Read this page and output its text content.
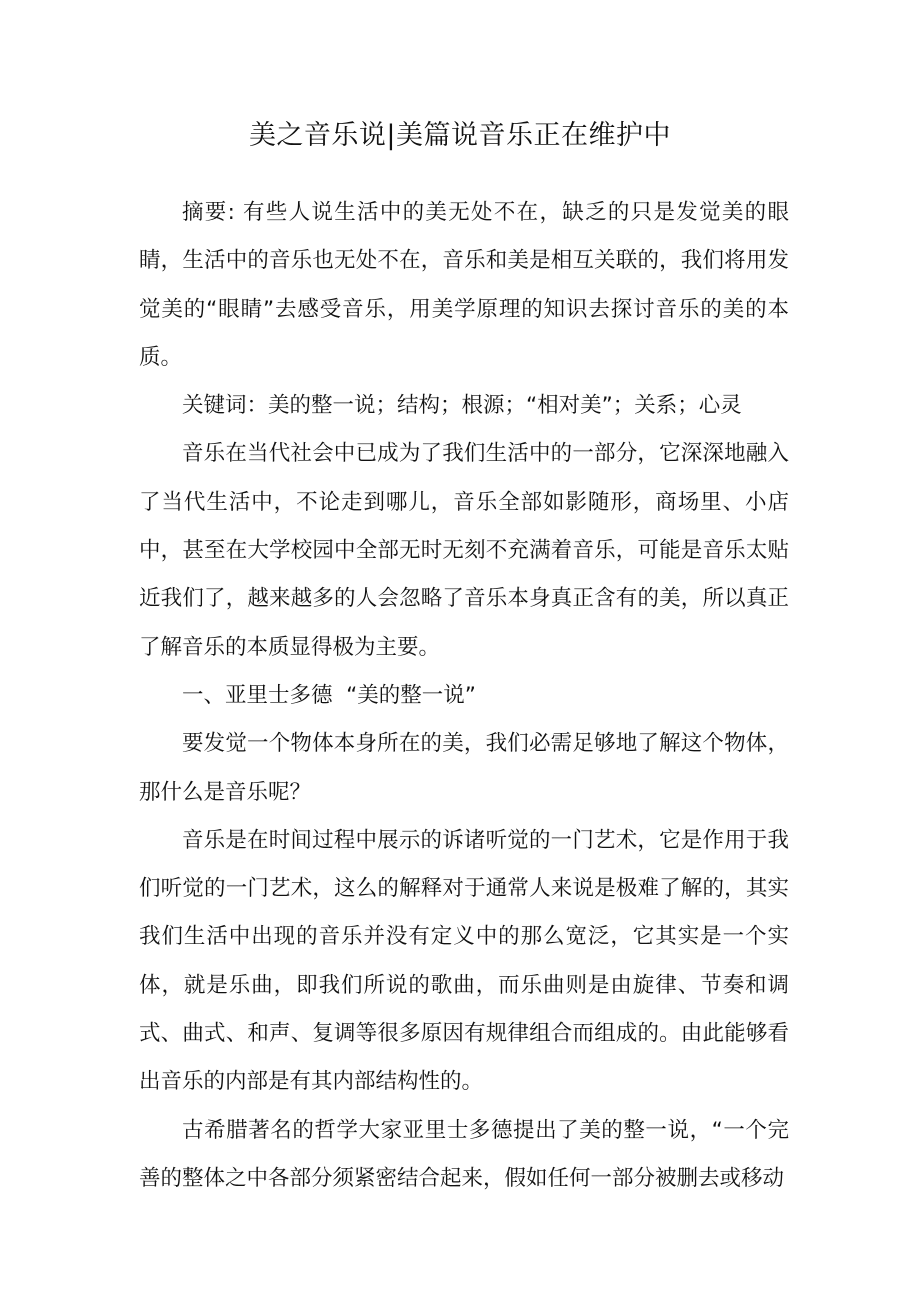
美之音乐说|美篇说音乐正在维护中

摘要: 有些人说生活中的美无处不在，缺乏的只是发觉美的眼睛，生活中的音乐也无处不在，音乐和美是相互关联的，我们将用发觉美的“眼睛”去感受音乐，用美学原理的知识去探讨音乐的美的本质。

关键词：美的整一说；结构；根源；“相对美”；关系；心灵

音乐在当代社会中已成为了我们生活中的一部分，它深深地融入了当代生活中，不论走到哪儿，音乐全部如影随形，商场里、小店中，甚至在大学校园中全部无时无刻不充满着音乐，可能是音乐太贴近我们了，越来越多的人会忽略了音乐本身真正含有的美，所以真正了解音乐的本质显得极为主要。

一、亚里士多德  “美的整一说”

要发觉一个物体本身所在的美，我们必需足够地了解这个物体，那什么是音乐呢？

音乐是在时间过程中展示的诉诸听觉的一门艺术，它是作用于我们听觉的一门艺术，这么的解释对于通常人来说是极难了解的，其实我们生活中出现的音乐并没有定义中的那么宽泛，它其实是一个实体，就是乐曲，即我们所说的歌曲，而乐曲则是由旋律、节奏和调式、曲式、和声、复调等很多原因有规律组合而组成的。由此能够看出音乐的内部是有其内部结构性的。

古希腊著名的哲学大家亚里士多德提出了美的整一说，“一个完善的整体之中各部分须紧密结合起来，假如任何一部分被删去或移动
